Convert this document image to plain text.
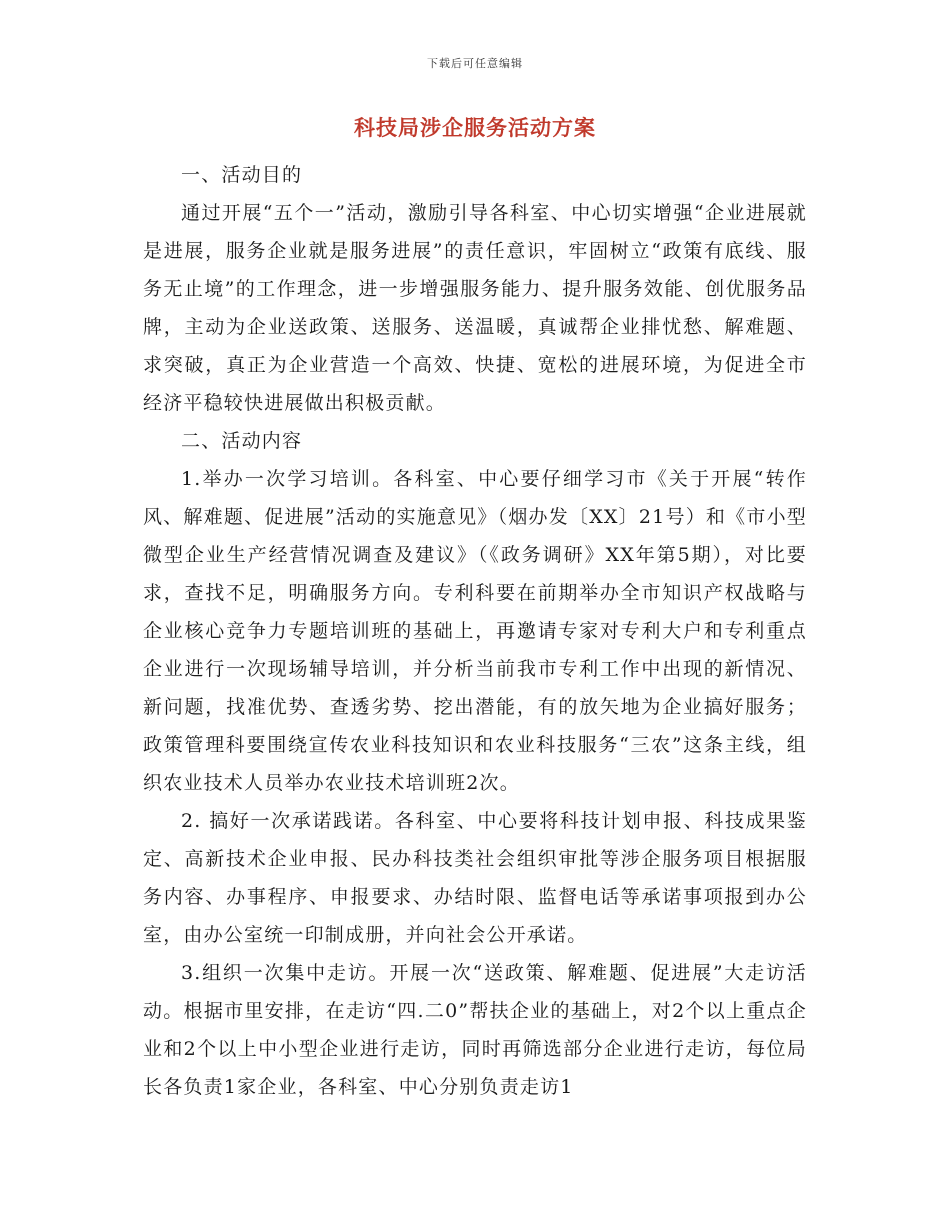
下载后可任意编辑
科技局涉企服务活动方案

一、活动目的

通过开展“五个一”活动，激励引导各科室、中心切实增强“企业进展就是进展，服务企业就是服务进展”的责任意识，牢固树立“政策有底线、服务无止境”的工作理念，进一步增强服务能力、提升服务效能、创优服务品牌，主动为企业送政策、送服务、送温暖，真诚帮企业排忧愁、解难题、求突破，真正为企业营造一个高效、快捷、宽松的进展环境，为促进全市经济平稳较快进展做出积极贡献。

二、活动内容

1.举办一次学习培训。各科室、中心要仔细学习市《关于开展“转作风、解难题、促进展”活动的实施意见》（烟办发〔XX〕21号）和《市小型微型企业生产经营情况调查及建议》（《政务调研》XX年第5期），对比要求，查找不足，明确服务方向。专利科要在前期举办全市知识产权战略与企业核心竞争力专题培训班的基础上，再邀请专家对专利大户和专利重点企业进行一次现场辅导培训，并分析当前我市专利工作中出现的新情况、新问题，找准优势、查透劣势、挖出潜能，有的放矢地为企业搞好服务；政策管理科要围绕宣传农业科技知识和农业科技服务“三农”这条主线，组织农业技术人员举办农业技术培训班2次。

2. 搞好一次承诺践诺。各科室、中心要将科技计划申报、科技成果鉴定、高新技术企业申报、民办科技类社会组织审批等涉企服务项目根据服务内容、办事程序、申报要求、办结时限、监督电话等承诺事项报到办公室，由办公室统一印制成册，并向社会公开承诺。

3.组织一次集中走访。开展一次“送政策、解难题、促进展”大走访活动。根据市里安排，在走访“四.二0”帮扶企业的基础上，对2个以上重点企业和2个以上中小型企业进行走访，同时再筛选部分企业进行走访，每位局长各负责1家企业，各科室、中心分别负责走访1
